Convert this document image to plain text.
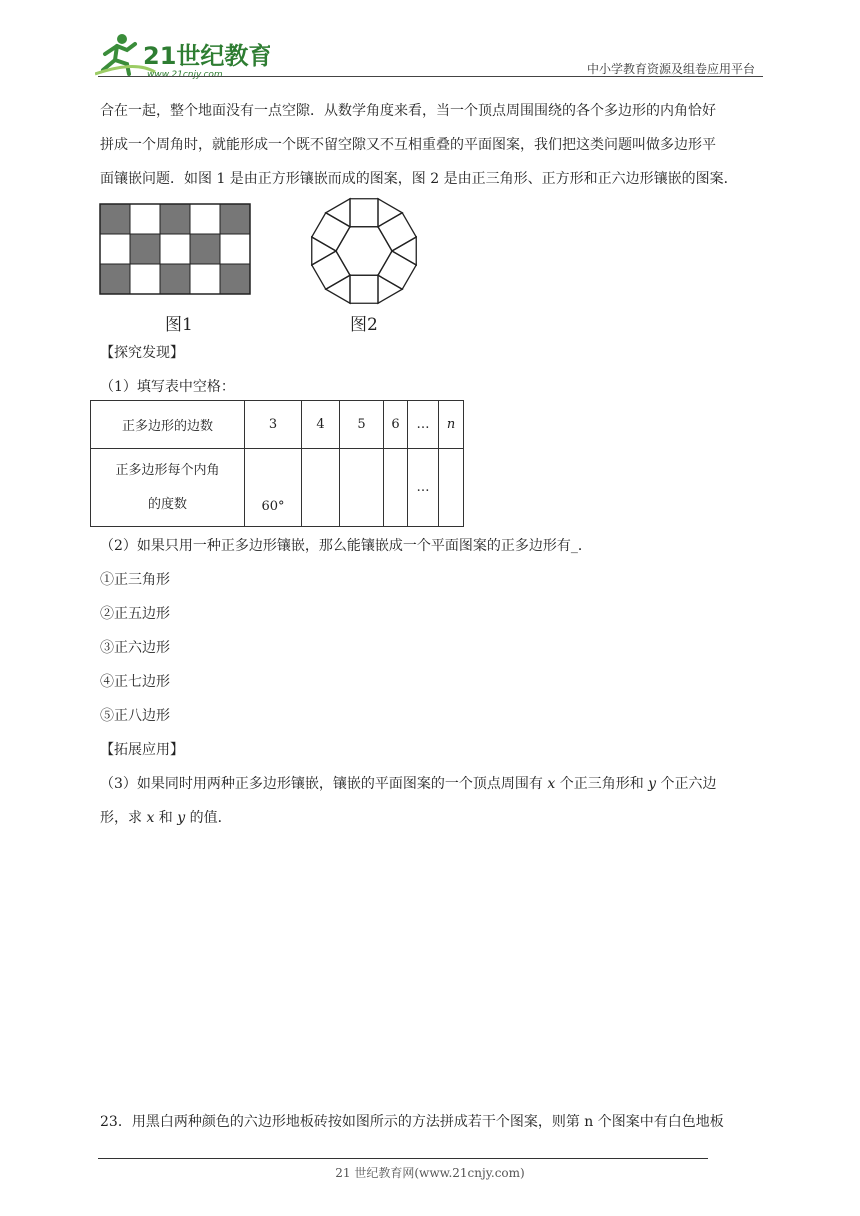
21世纪教育
www.21cnjy.com	中小学教育资源及组卷应用平台
合在一起，整个地面没有一点空隙．从数学角度来看，当一个顶点周围围绕的各个多边形的内角恰好
拼成一个周角时，就能形成一个既不留空隙又不互相重叠的平面图案，我们把这类问题叫做多边形平
面镶嵌问题．如图 1 是由正方形镶嵌而成的图案，图 2 是由正三角形、正方形和正六边形镶嵌的图案．
图1	图2
【探究发现】
（1）填写表中空格：
正多边形的边数	3	4	5	6	…	n

正多边形每个内角
的度数	60°				…	
（2）如果只用一种正多边形镶嵌，那么能镶嵌成一个平面图案的正多边形有_．
①正三角形
②正五边形
③正六边形
④正七边形
⑤正八边形
【拓展应用】
（3）如果同时用两种正多边形镶嵌，镶嵌的平面图案的一个顶点周围有 x 个正三角形和 y 个正六边
形，求 x 和 y 的值．
23．用黑白两种颜色的六边形地板砖按如图所示的方法拼成若干个图案，则第 n 个图案中有白色地板
21 世纪教育网(www.21cnjy.com)
